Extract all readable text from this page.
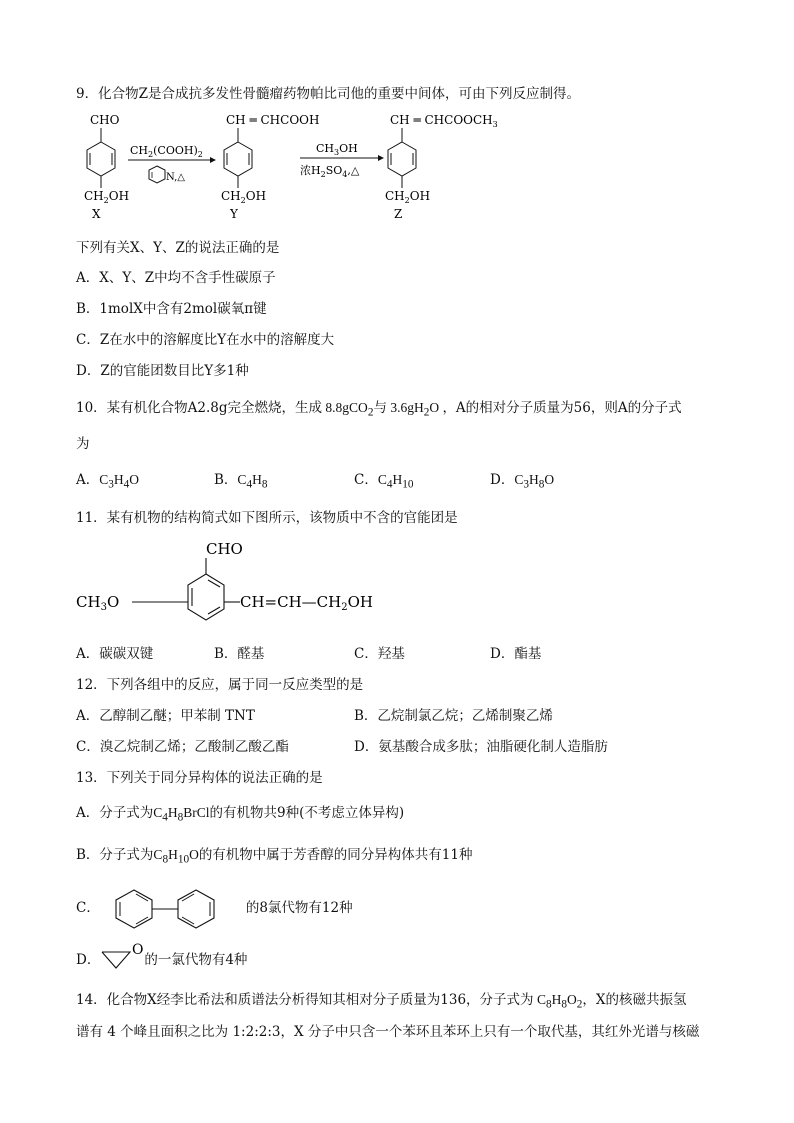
9．化合物Z是合成抗多发性骨髓瘤药物帕比司他的重要中间体，可由下列反应制得。
CHO
$CH_2OH$
X
$CH_2(COOH)_2$
N,△
CH ═ CHCOOH
$CH_2OH$
Y
$CH_3OH$
浓$H_2SO_4,\triangle$
CH ═ $CHCOOCH_3$
$CH_2OH$
Z
下列有关X、Y、Z的说法正确的是
A．X、Y、Z中均不含手性碳原子
B．1molX中含有2mol碳氧π键
C．Z在水中的溶解度比Y在水中的溶解度大
D．Z的官能团数目比Y多1种
10．某有机化合物A2.8g完全燃烧，生成 8.8gCO$_2$与 $3.6gH_2O$ ，A的相对分子质量为56，则A的分子式
为
A．$C_3H_4O$	B．$C_4H_8$	C．$C_4H_{10}$	D．$C_3H_8O$
11．某有机物的结构简式如下图所示，该物质中不含的官能团是
CHO
$CH_3O$	$CH=CH—CH_2OH$
A．碳碳双键	B．醛基	C．羟基	D．酯基
12．下列各组中的反应，属于同一反应类型的是
A．乙醇制乙醚；甲苯制 TNT	B．乙烷制氯乙烷；乙烯制聚乙烯
C．溴乙烷制乙烯；乙酸制乙酸乙酯	D．氨基酸合成多肽；油脂硬化制人造脂肪
13．下列关于同分异构体的说法正确的是
A．分子式为$C_4H_8BrCl$的有机物共9种(不考虑立体异构)
B．分子式为$C_8H_{10}O$的有机物中属于芳香醇的同分异构体共有11种
C．	的8氯代物有12种
D．	的一氯代物有4种
O
14．化合物X经李比希法和质谱法分析得知其相对分子质量为136，分子式为 $C_8H_8O_2$，X的核磁共振氢
谱有 4 个峰且面积之比为 1:2:2:3，X 分子中只含一个苯环且苯环上只有一个取代基，其红外光谱与核磁
